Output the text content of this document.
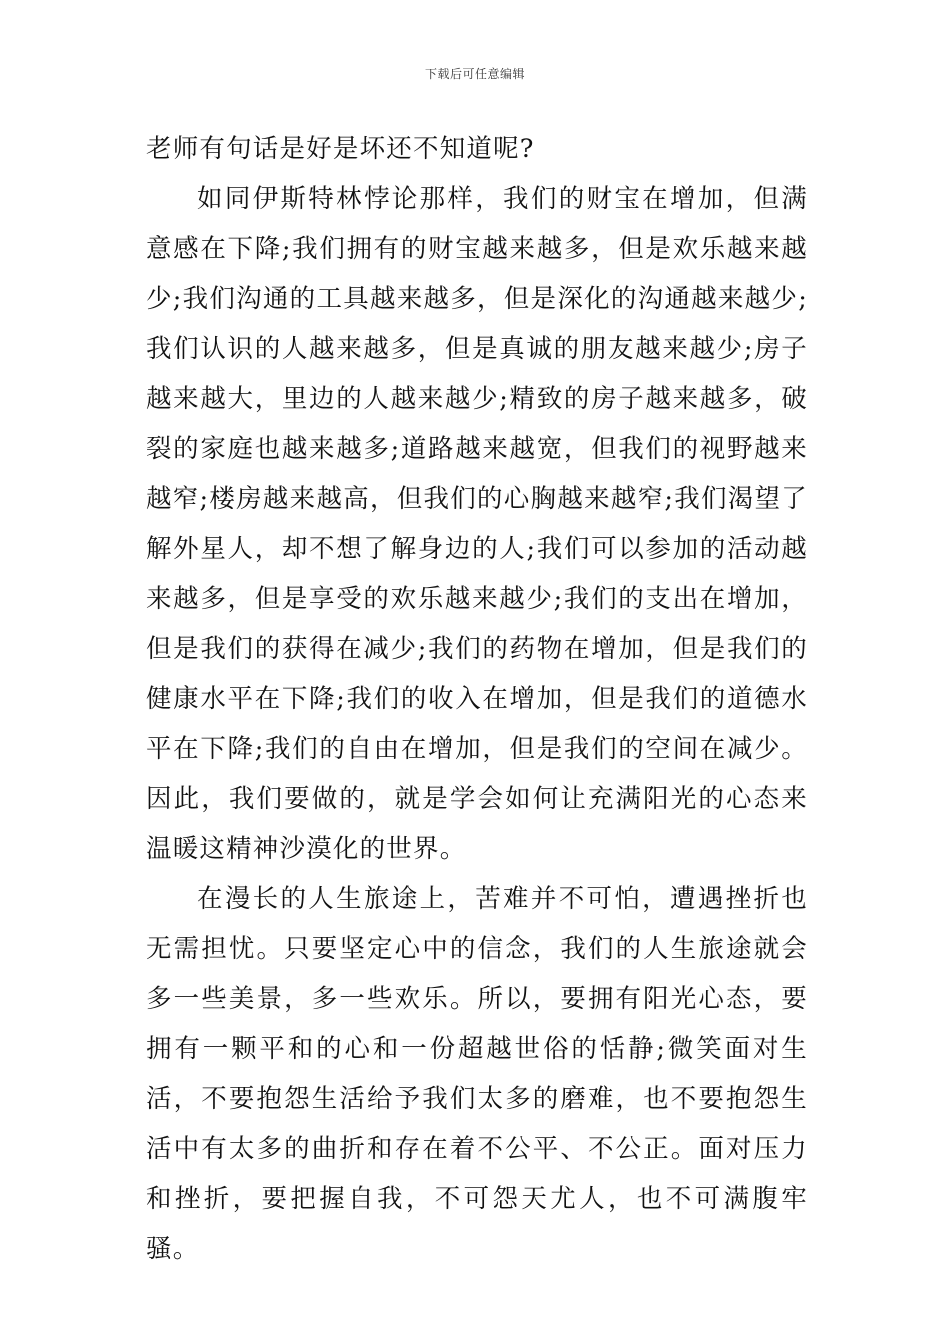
下载后可任意编辑

老师有句话是好是坏还不知道呢?

如同伊斯特林悖论那样，我们的财宝在增加，但满意感在下降;我们拥有的财宝越来越多，但是欢乐越来越少;我们沟通的工具越来越多，但是深化的沟通越来越少;我们认识的人越来越多，但是真诚的朋友越来越少;房子越来越大，里边的人越来越少;精致的房子越来越多，破裂的家庭也越来越多;道路越来越宽，但我们的视野越来越窄;楼房越来越高，但我们的心胸越来越窄;我们渴望了解外星人，却不想了解身边的人;我们可以参加的活动越来越多，但是享受的欢乐越来越少;我们的支出在增加，但是我们的获得在减少;我们的药物在增加，但是我们的健康水平在下降;我们的收入在增加，但是我们的道德水平在下降;我们的自由在增加，但是我们的空间在减少。因此，我们要做的，就是学会如何让充满阳光的心态来温暖这精神沙漠化的世界。

在漫长的人生旅途上，苦难并不可怕，遭遇挫折也无需担忧。只要坚定心中的信念，我们的人生旅途就会多一些美景，多一些欢乐。所以，要拥有阳光心态，要拥有一颗平和的心和一份超越世俗的恬静;微笑面对生活，不要抱怨生活给予我们太多的磨难，也不要抱怨生活中有太多的曲折和存在着不公平、不公正。面对压力和挫折，要把握自我，不可怨天尤人，也不可满腹牢骚。
